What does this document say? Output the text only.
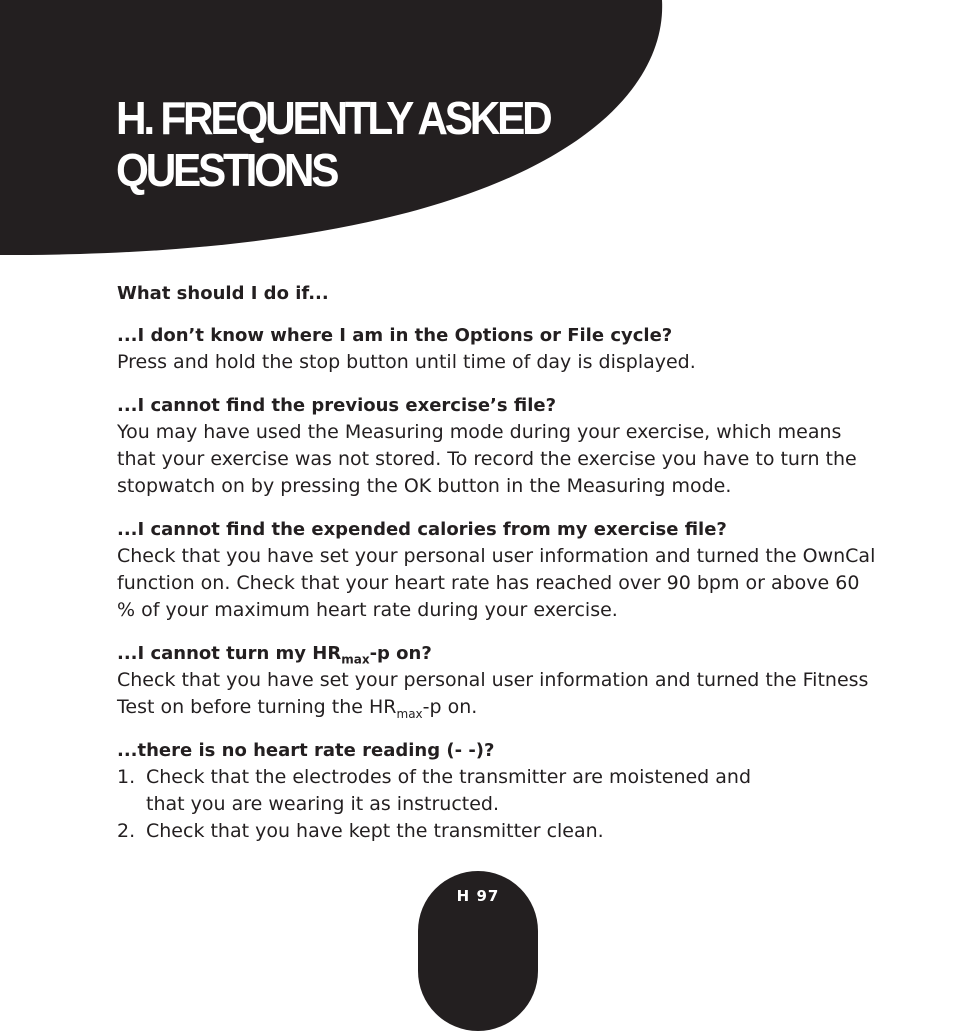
H. FREQUENTLY ASKED
QUESTIONS

What should I do if...

...I don’t know where I am in the Options or File cycle?

Press and hold the stop button until time of day is displayed.

...I cannot find the previous exercise’s file?

You may have used the Measuring mode during your exercise, which means that your exercise was not stored. To record the exercise you have to turn the stopwatch on by pressing the OK button in the Measuring mode.

...I cannot find the expended calories from my exercise file?

Check that you have set your personal user information and turned the OwnCal function on. Check that your heart rate has reached over 90 bpm or above 60 % of your maximum heart rate during your exercise.

...I cannot turn my $HR_{max}-p$ on?

Check that you have set your personal user information and turned the Fitness Test on before turning the $HR_{max}-p$ on.

...there is no heart rate reading (- -)?

1. Check that the electrodes of the transmitter are moistened and
that you are wearing it as instructed.
2. Check that you have kept the transmitter clean.
H 97
